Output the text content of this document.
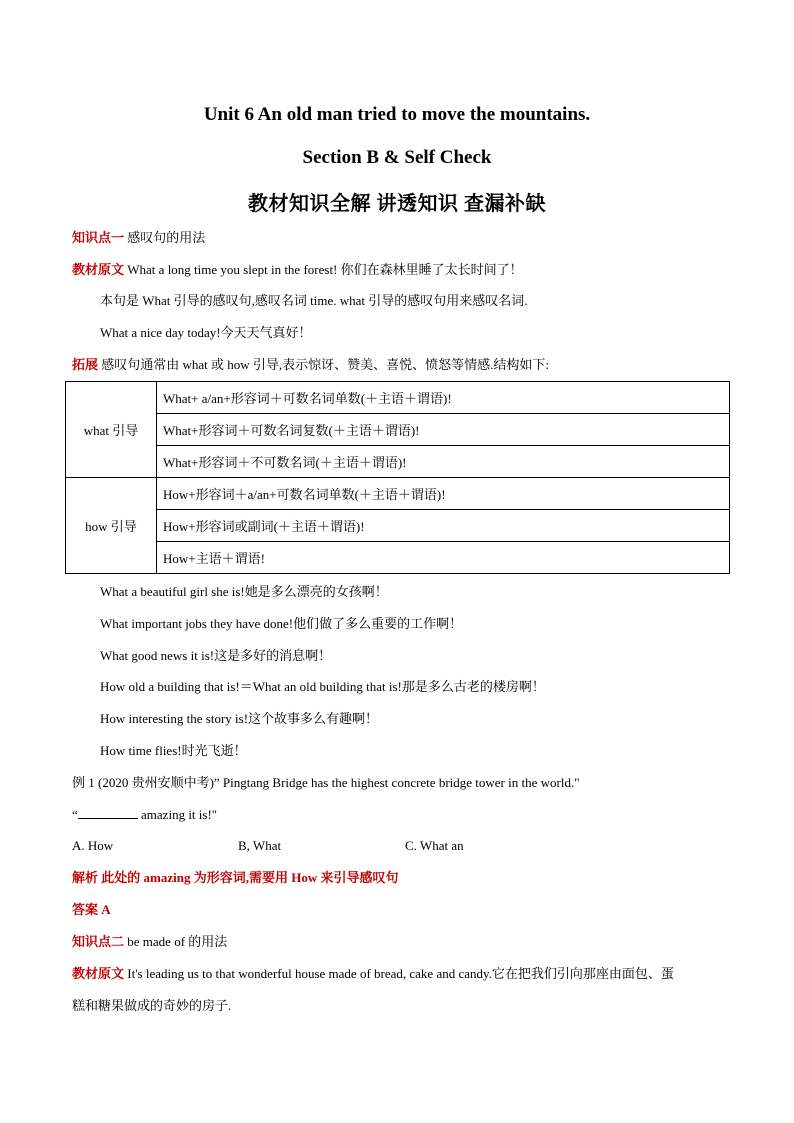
Unit 6 An old man tried to move the mountains.
Section B & Self Check
教材知识全解 讲透知识 查漏补缺
知识点一 感叹句的用法
教材原文 What a long time you slept in the forest! 你们在森林里睡了太长时间了！
本句是 What 引导的感叹句,感叹名词 time. what 引导的感叹句用来感叹名词.
What a nice day today!今天天气真好！
拓展 感叹句通常由 what 或 how 引导,表示惊讶、赞美、喜悦、愤怒等情感.结构如下:
what 引导	What+ a/an+形容词＋可数名词单数(＋主语＋谓语)!
	What+形容词＋可数名词复数(＋主语＋谓语)!
	What+形容词＋不可数名词(＋主语＋谓语)!
how 引导	How+形容词＋a/an+可数名词单数(＋主语＋谓语)!
	How+形容词或副词(＋主语＋谓语)!
	How+主语＋谓语!
What a beautiful girl she is!她是多么漂亮的女孩啊！
What important jobs they have done!他们做了多么重要的工作啊！
What good news it is!这是多好的消息啊！
How old a building that is!＝What an old building that is!那是多么古老的楼房啊！
How interesting the story is!这个故事多么有趣啊！
How time flies!时光飞逝！
例 1 (2020 贵州安顺中考)” Pingtang Bridge has the highest concrete bridge tower in the world."
“	amazing it is!"
A. How	B, What	C. What an
解析 此处的 amazing 为形容词,需要用 How 来引导感叹句
答案 A
知识点二 be made of 的用法
教材原文 It's leading us to that wonderful house made of bread, cake and candy.它在把我们引向那座由面包、蛋
糕和糖果做成的奇妙的房子.
